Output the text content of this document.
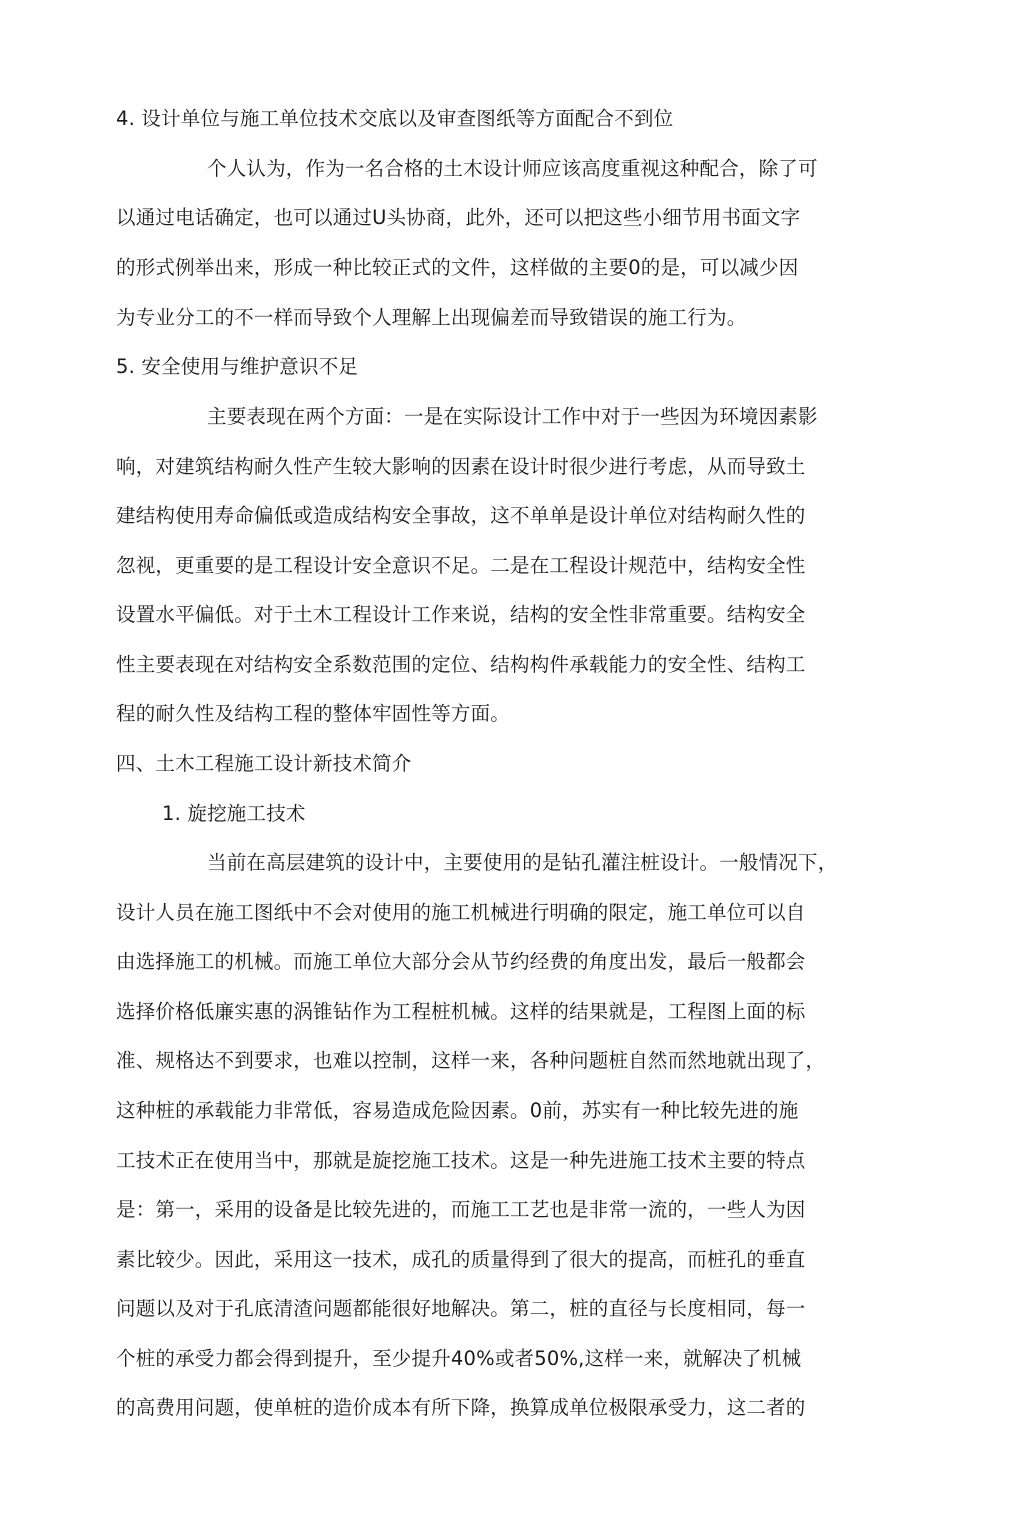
4. 设计单位与施工单位技术交底以及审查图纸等方面配合不到位
个人认为，作为一名合格的土木设计师应该高度重视这种配合，除了可
以通过电话确定，也可以通过U头协商，此外，还可以把这些小细节用书面文字
的形式例举出来，形成一种比较正式的文件，这样做的主要0的是，可以减少因
为专业分工的不一样而导致个人理解上出现偏差而导致错误的施工行为。
5. 安全使用与维护意识不足
主要表现在两个方面：一是在实际设计工作中对于一些因为环境因素影
响，对建筑结构耐久性产生较大影响的因素在设计时很少进行考虑，从而导致土
建结构使用寿命偏低或造成结构安全事故，这不单单是设计单位对结构耐久性的
忽视，更重要的是工程设计安全意识不足。二是在工程设计规范中，结构安全性
设置水平偏低。对于土木工程设计工作来说，结构的安全性非常重要。结构安全
性主要表现在对结构安全系数范围的定位、结构构件承载能力的安全性、结构工
程的耐久性及结构工程的整体牢固性等方面。
四、土木工程施工设计新技术简介
1. 旋挖施工技术
当前在高层建筑的设计中，主要使用的是钻孔灌注桩设计。一般情况下，
设计人员在施工图纸中不会对使用的施工机械进行明确的限定，施工单位可以自
由选择施工的机械。而施工单位大部分会从节约经费的角度出发，最后一般都会
选择价格低廉实惠的涡锥钻作为工程桩机械。这样的结果就是，工程图上面的标
准、规格达不到要求，也难以控制，这样一来，各种问题桩自然而然地就出现了，
这种桩的承载能力非常低，容易造成危险因素。0前，苏实有一种比较先进的施
工技术正在使用当中，那就是旋挖施工技术。这是一种先进施工技术主要的特点
是：第一，采用的设备是比较先进的，而施工工艺也是非常一流的，一些人为因
素比较少。因此，采用这一技术，成孔的质量得到了很大的提高，而桩孔的垂直
问题以及对于孔底清渣问题都能很好地解决。第二，桩的直径与长度相同，每一
个桩的承受力都会得到提升，至少提升40%或者50%,这样一来，就解决了机械
的高费用问题，使单桩的造价成本有所下降，换算成单位极限承受力，这二者的
